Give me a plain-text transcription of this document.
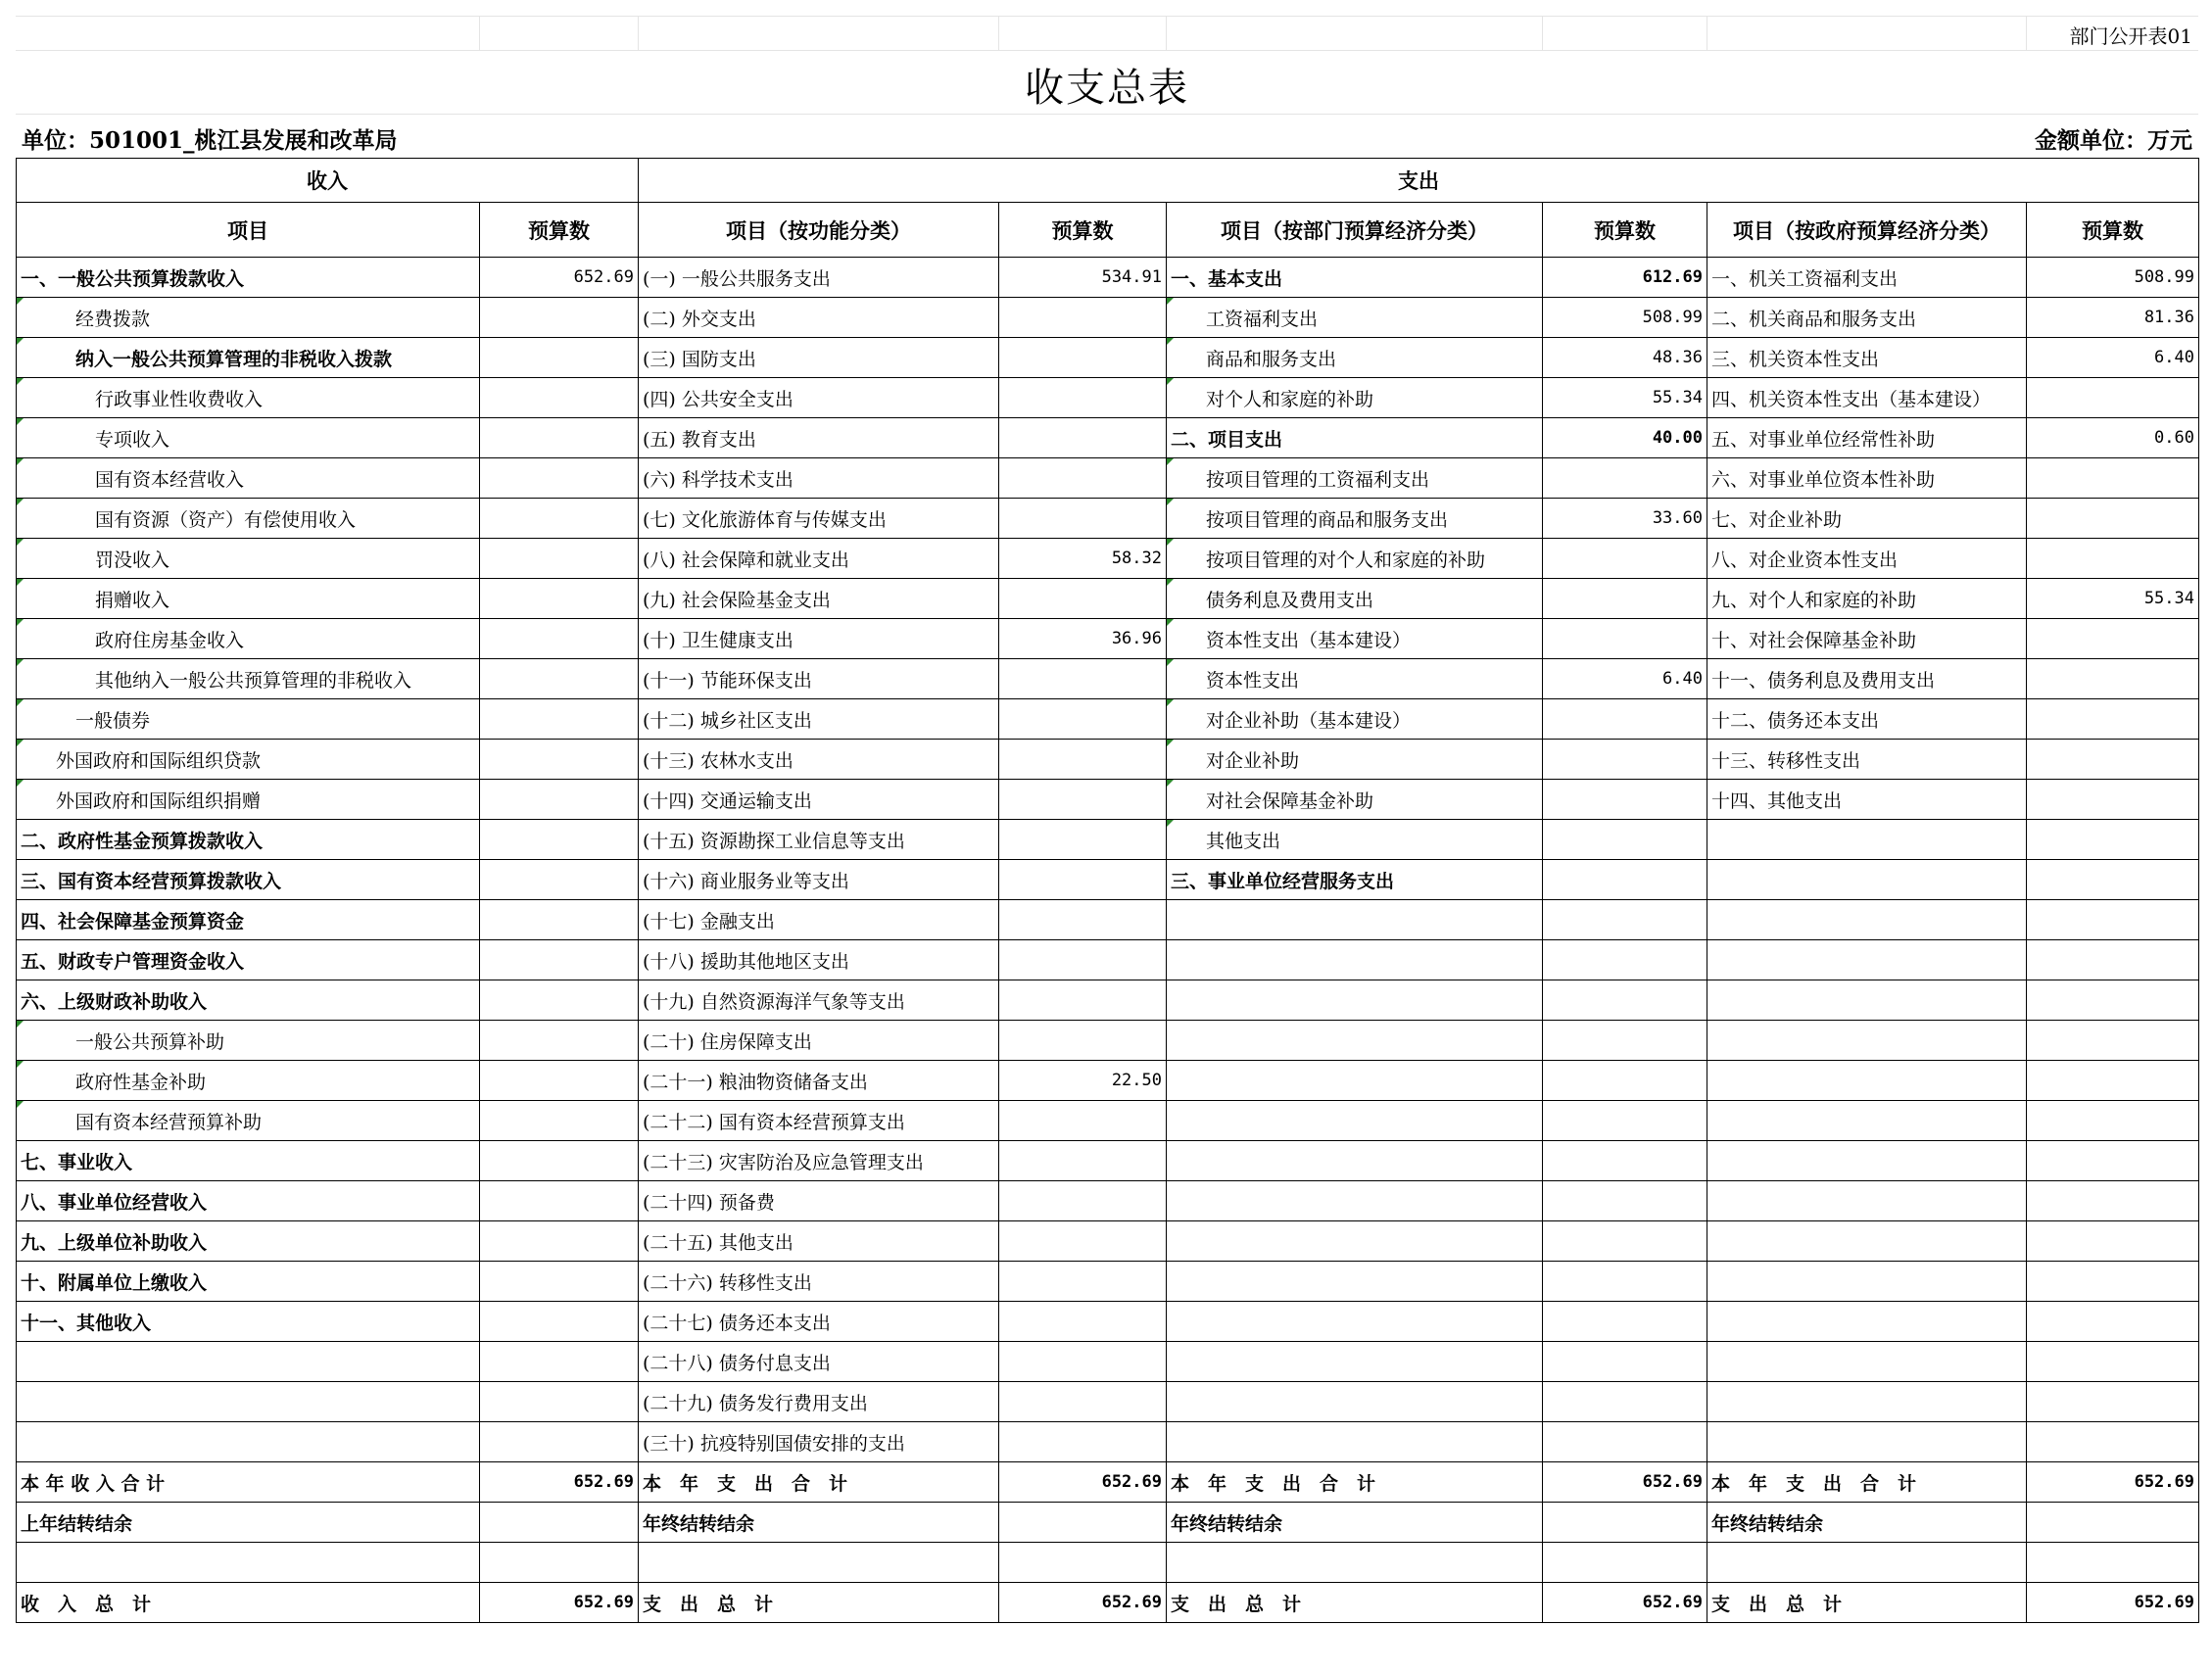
部门公开表01
收支总表
单位：501001_桃江县发展和改革局	金额单位：万元
收入		支出					
项目	预算数	项目（按功能分类）	预算数	项目（按部门预算经济分类）	预算数	项目（按政府预算经济分类）	预算数
一、一般公共预算拨款收入	652.69	(一) 一般公共服务支出	534.91	一、基本支出	612.69	一、机关工资福利支出	508.99
经费拨款		(二) 外交支出		工资福利支出	508.99	二、机关商品和服务支出	81.36
纳入一般公共预算管理的非税收入拨款		(三) 国防支出		商品和服务支出	48.36	三、机关资本性支出	6.40
行政事业性收费收入		(四) 公共安全支出		对个人和家庭的补助	55.34	四、机关资本性支出（基本建设）	
专项收入		(五) 教育支出		二、项目支出	40.00	五、对事业单位经常性补助	0.60
国有资本经营收入		(六) 科学技术支出		按项目管理的工资福利支出		六、对事业单位资本性补助	
国有资源（资产）有偿使用收入		(七) 文化旅游体育与传媒支出		按项目管理的商品和服务支出	33.60	七、对企业补助	
罚没收入		(八) 社会保障和就业支出	58.32	按项目管理的对个人和家庭的补助		八、对企业资本性支出	
捐赠收入		(九) 社会保险基金支出		债务利息及费用支出		九、对个人和家庭的补助	55.34
政府住房基金收入		(十) 卫生健康支出	36.96	资本性支出（基本建设）		十、对社会保障基金补助	
其他纳入一般公共预算管理的非税收入		(十一) 节能环保支出		资本性支出	6.40	十一、债务利息及费用支出	
一般债券		(十二) 城乡社区支出		对企业补助（基本建设）		十二、债务还本支出	
外国政府和国际组织贷款		(十三) 农林水支出		对企业补助		十三、转移性支出	
外国政府和国际组织捐赠		(十四) 交通运输支出		对社会保障基金补助		十四、其他支出	
二、政府性基金预算拨款收入		(十五) 资源勘探工业信息等支出		其他支出			
三、国有资本经营预算拨款收入		(十六) 商业服务业等支出		三、事业单位经营服务支出			
四、社会保障基金预算资金		(十七) 金融支出					
五、财政专户管理资金收入		(十八) 援助其他地区支出					
六、上级财政补助收入		(十九) 自然资源海洋气象等支出					
一般公共预算补助		(二十) 住房保障支出					
政府性基金补助		(二十一) 粮油物资储备支出	22.50				
国有资本经营预算补助		(二十二) 国有资本经营预算支出					
七、事业收入		(二十三) 灾害防治及应急管理支出					
八、事业单位经营收入		(二十四) 预备费					
九、上级单位补助收入		(二十五) 其他支出					
十、附属单位上缴收入		(二十六) 转移性支出					
十一、其他收入		(二十七) 债务还本支出					
		(二十八) 债务付息支出					
		(二十九) 债务发行费用支出					
		(三十) 抗疫特别国债安排的支出					
本 年 收 入 合 计	652.69	本　年　支　出　合　计	652.69	本　年　支　出　合　计	652.69	本　年　支　出　合　计	652.69
上年结转结余		年终结转结余		年终结转结余		年终结转结余	

收　入　总　计	652.69	支　出　总　计	652.69	支　出　总　计	652.69	支　出　总　计	652.69
